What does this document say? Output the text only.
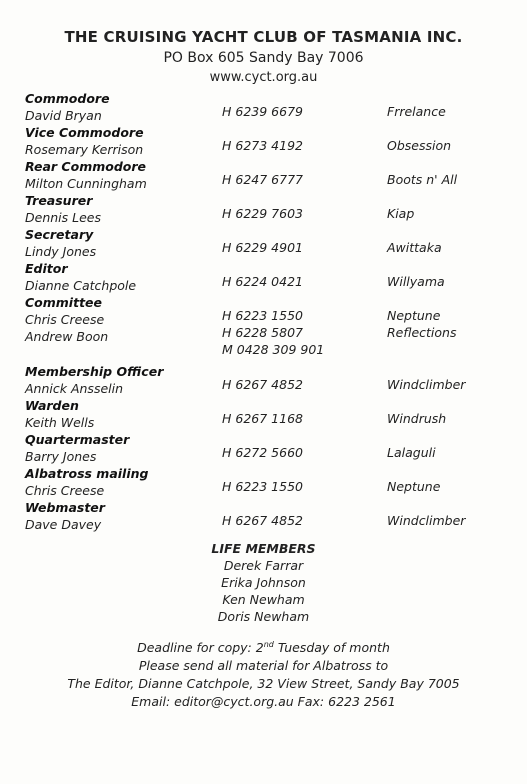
THE CRUISING YACHT CLUB OF TASMANIA INC.
PO Box 605 Sandy Bay 7006
www.cyct.org.au
Commodore
David Bryan	H 6239 6679	Frrelance
Vice Commodore
Rosemary Kerrison	H 6273 4192	Obsession
Rear Commodore
Milton Cunningham	H 6247 6777	Boots n' All
Treasurer
Dennis Lees	H 6229 7603	Kiap
Secretary
Lindy Jones	H 6229 4901	Awittaka
Editor
Dianne Catchpole	H 6224 0421	Willyama
Committee
Chris Creese	H 6223 1550	Neptune
Andrew Boon	H 6228 5807	Reflections
M 0428 309 901
Membership Officer
Annick Ansselin	H 6267 4852	Windclimber
Warden
Keith Wells	H 6267 1168	Windrush
Quartermaster
Barry Jones	H 6272 5660	Lalaguli
Albatross mailing
Chris Creese	H 6223 1550	Neptune
Webmaster
Dave Davey	H 6267 4852	Windclimber
LIFE MEMBERS
Derek Farrar
Erika Johnson
Ken Newham
Doris Newham
Deadline for copy: 2nd Tuesday of month
Please send all material for Albatross to
The Editor, Dianne Catchpole, 32 View Street, Sandy Bay 7005
Email: editor@cyct.org.au Fax: 6223 2561
